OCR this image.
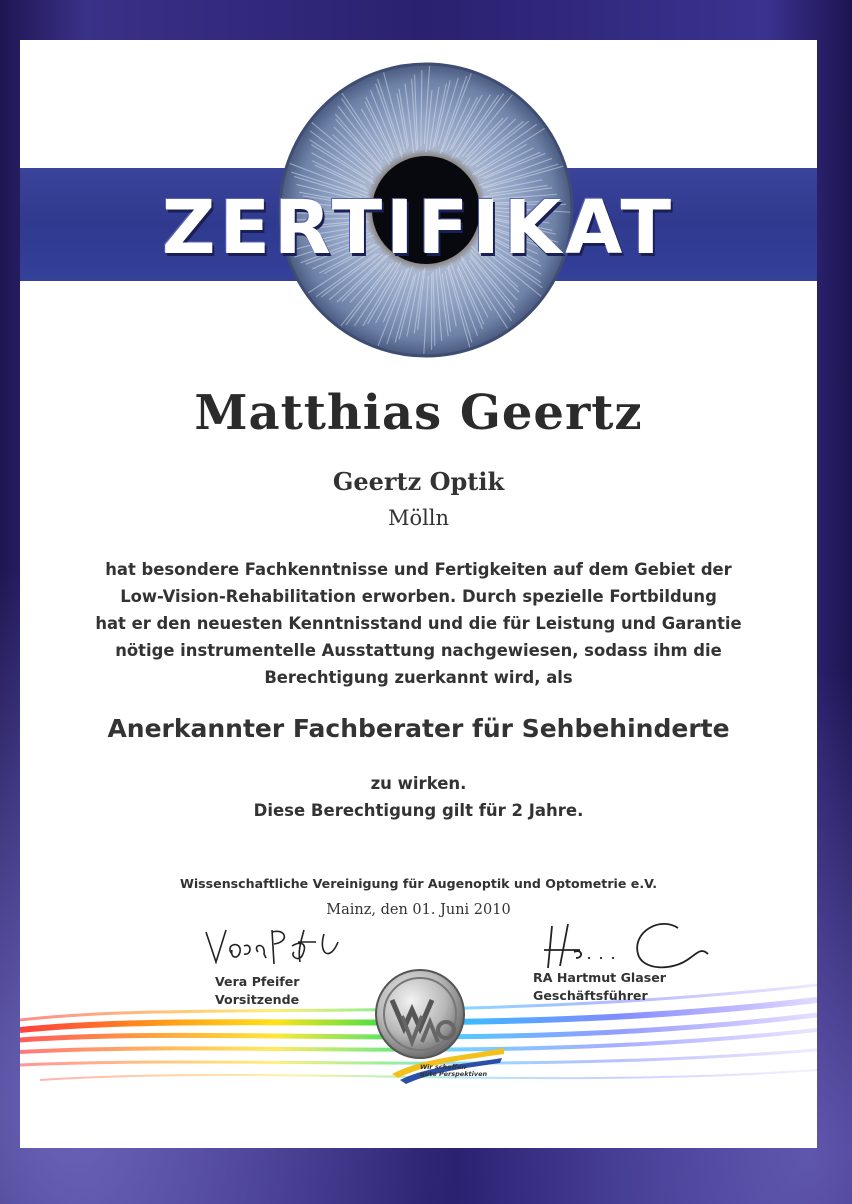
ZERTIFIKAT
Matthias Geertz
Geertz Optik
Mölln
hat besondere Fachkenntnisse und Fertigkeiten auf dem Gebiet der
Low-Vision-Rehabilitation erworben. Durch spezielle Fortbildung
hat er den neuesten Kenntnisstand und die für Leistung und Garantie
nötige instrumentelle Ausstattung nachgewiesen, sodass ihm die
Berechtigung zuerkannt wird, als
Anerkannter Fachberater für Sehbehinderte
zu wirken.
Diese Berechtigung gilt für 2 Jahre.
Wissenschaftliche Vereinigung für Augenoptik und Optometrie e.V.
Mainz, den 01. Juni 2010
Vera Pfeifer
Vorsitzende
RA Hartmut Glaser
Geschäftsführer
Wir schaffen
gute Perspektiven
